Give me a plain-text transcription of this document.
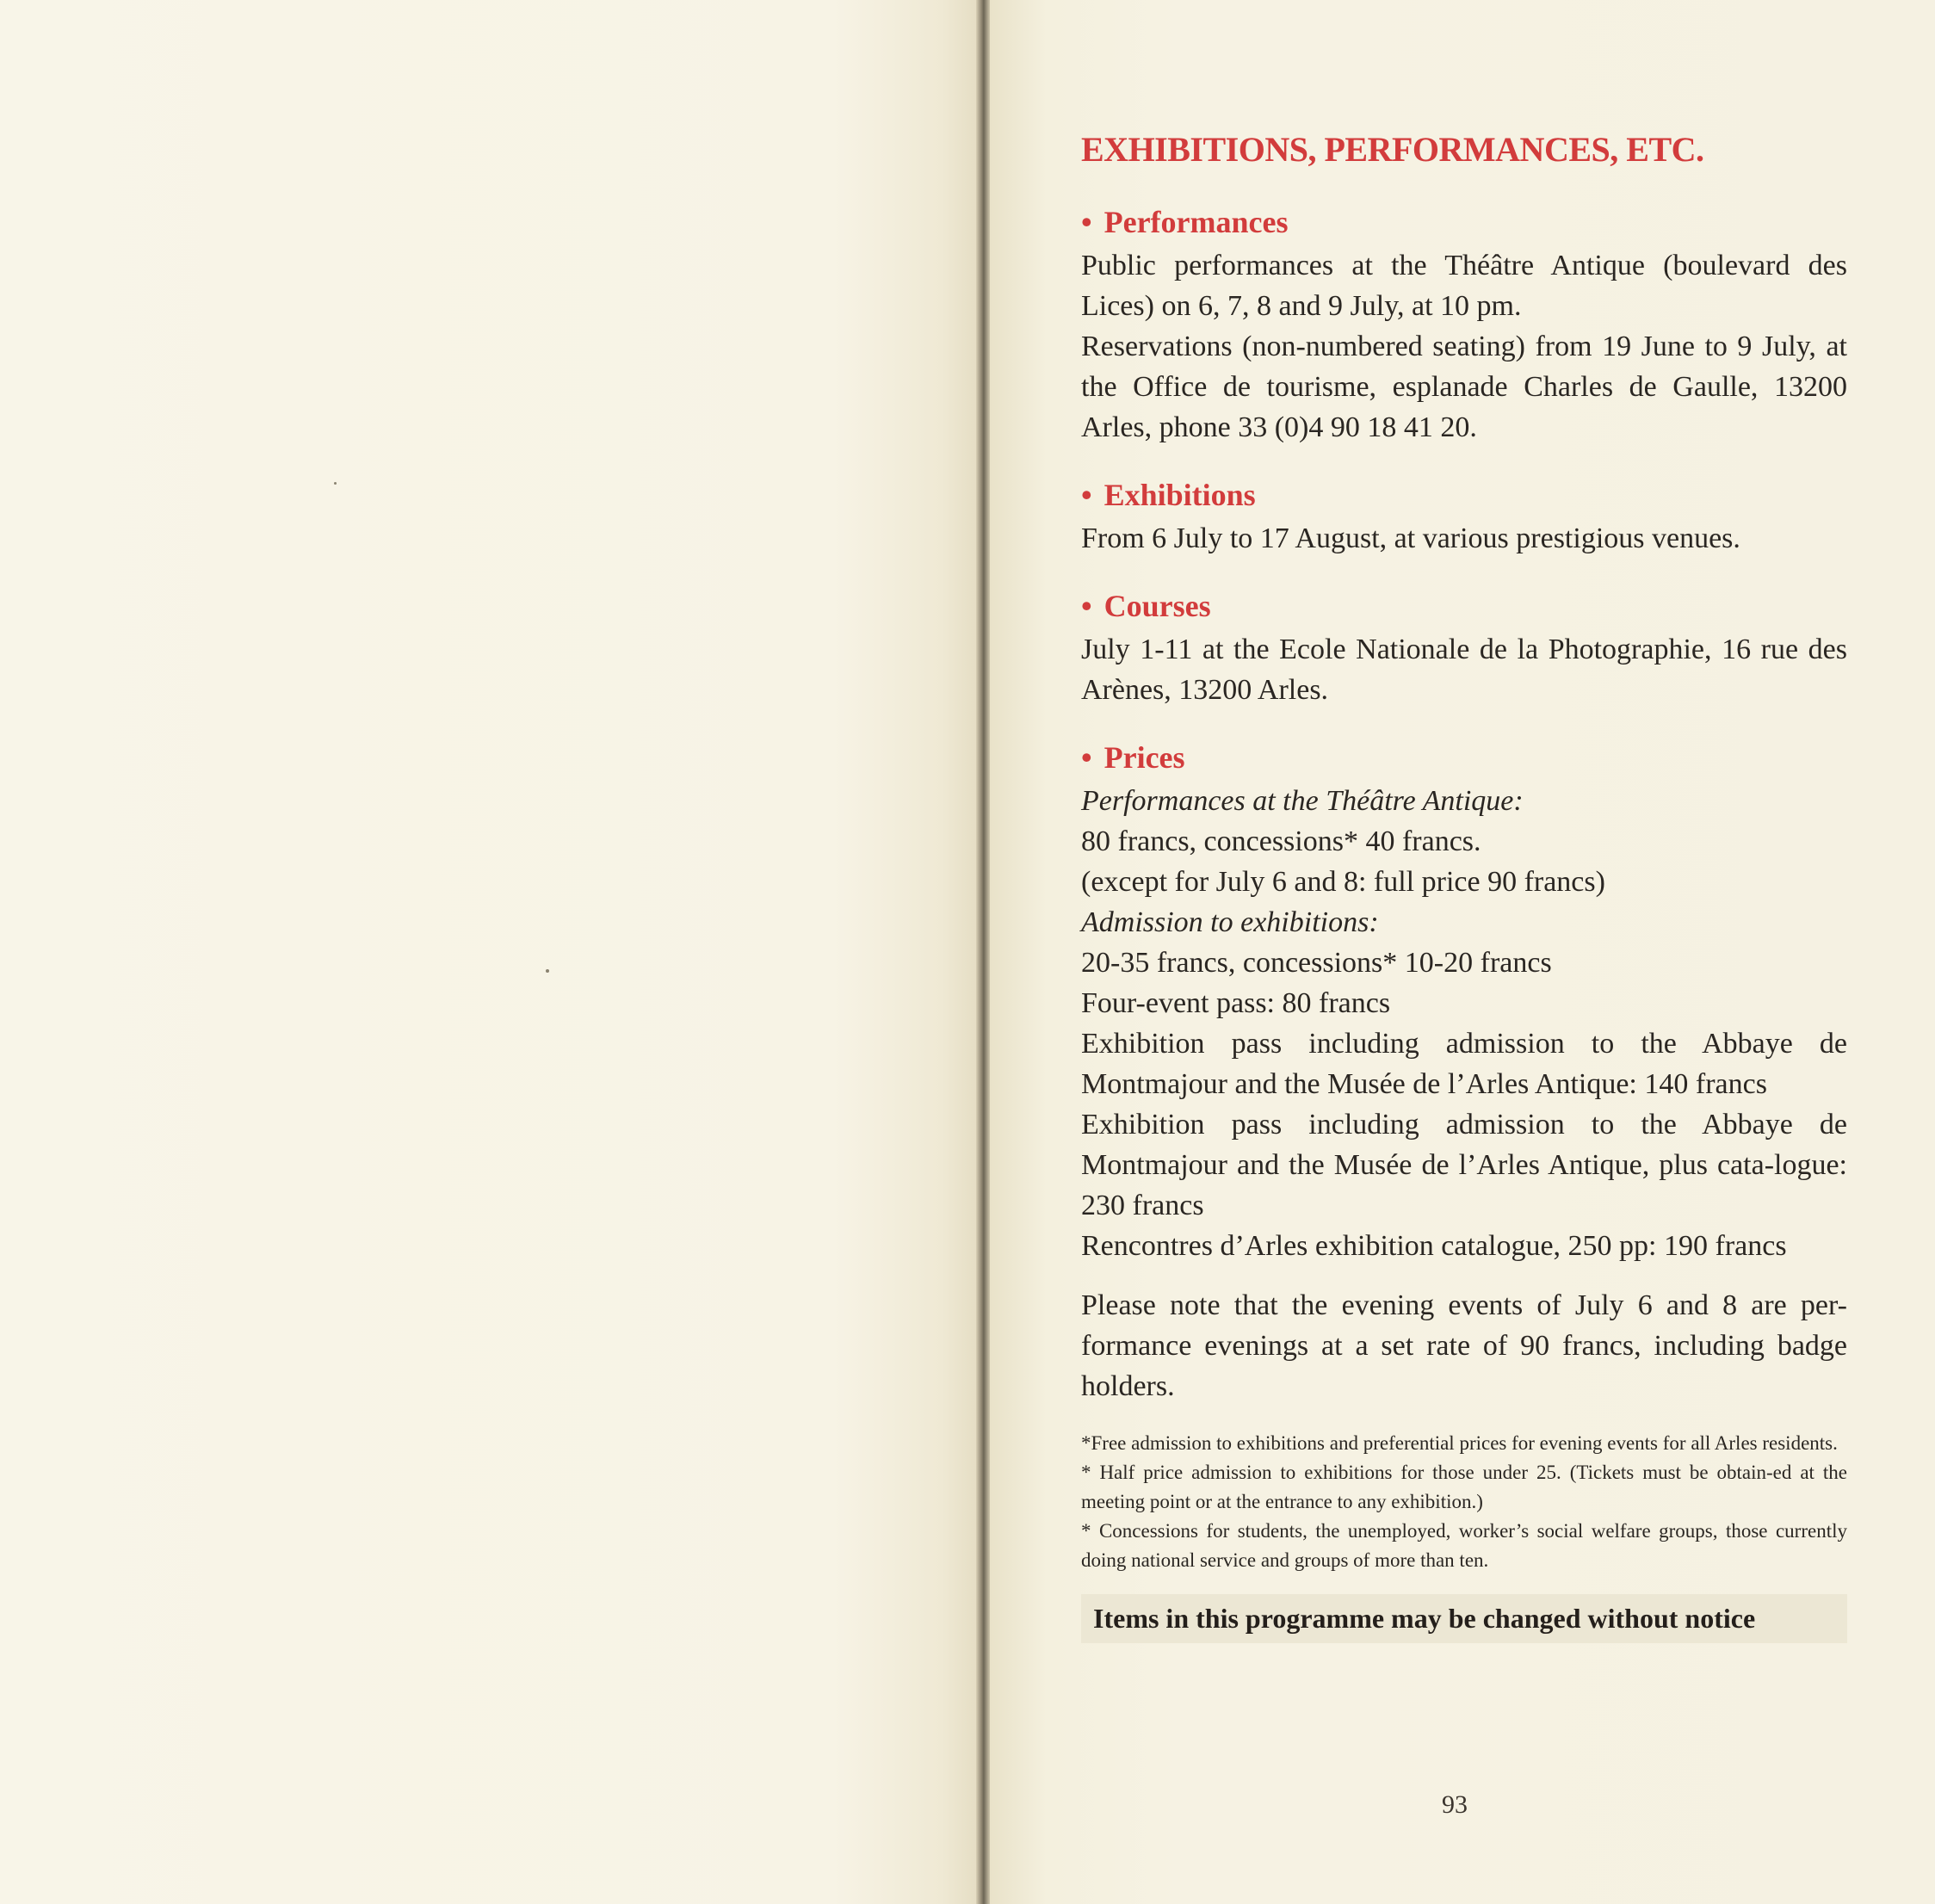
EXHIBITIONS, PERFORMANCES, ETC.
• Performances

Public performances at the Théâtre Antique (boulevard des Lices) on 6, 7, 8 and 9 July, at 10 pm.

Reservations (non-numbered seating) from 19 June to 9 July, at the Office de tourisme, esplanade Charles de Gaulle, 13200 Arles, phone 33 (0)4 90 18 41 20.

• Exhibitions

From 6 July to 17 August, at various prestigious venues.

• Courses

July 1-11 at the Ecole Nationale de la Photographie, 16 rue des Arènes, 13200 Arles.

• Prices

Performances at the Théâtre Antique:

80 francs, concessions* 40 francs.

(except for July 6 and 8: full price 90 francs)

Admission to exhibitions:

20-35 francs, concessions* 10-20 francs

Four-event pass: 80 francs

Exhibition pass including admission to the Abbaye de Montmajour and the Musée de l’Arles Antique: 140 francs

Exhibition pass including admission to the Abbaye de Montmajour and the Musée de l’Arles Antique, plus cata-logue: 230 francs

Rencontres d’Arles exhibition catalogue, 250 pp: 190 francs

Please note that the evening events of July 6 and 8 are per-formance evenings at a set rate of 90 francs, including badge holders.

*Free admission to exhibitions and preferential prices for evening events for all Arles residents.

* Half price admission to exhibitions for those under 25. (Tickets must be obtain-ed at the meeting point or at the entrance to any exhibition.)

* Concessions for students, the unemployed, worker’s social welfare groups, those currently doing national service and groups of more than ten.

Items in this programme may be changed without notice
93
